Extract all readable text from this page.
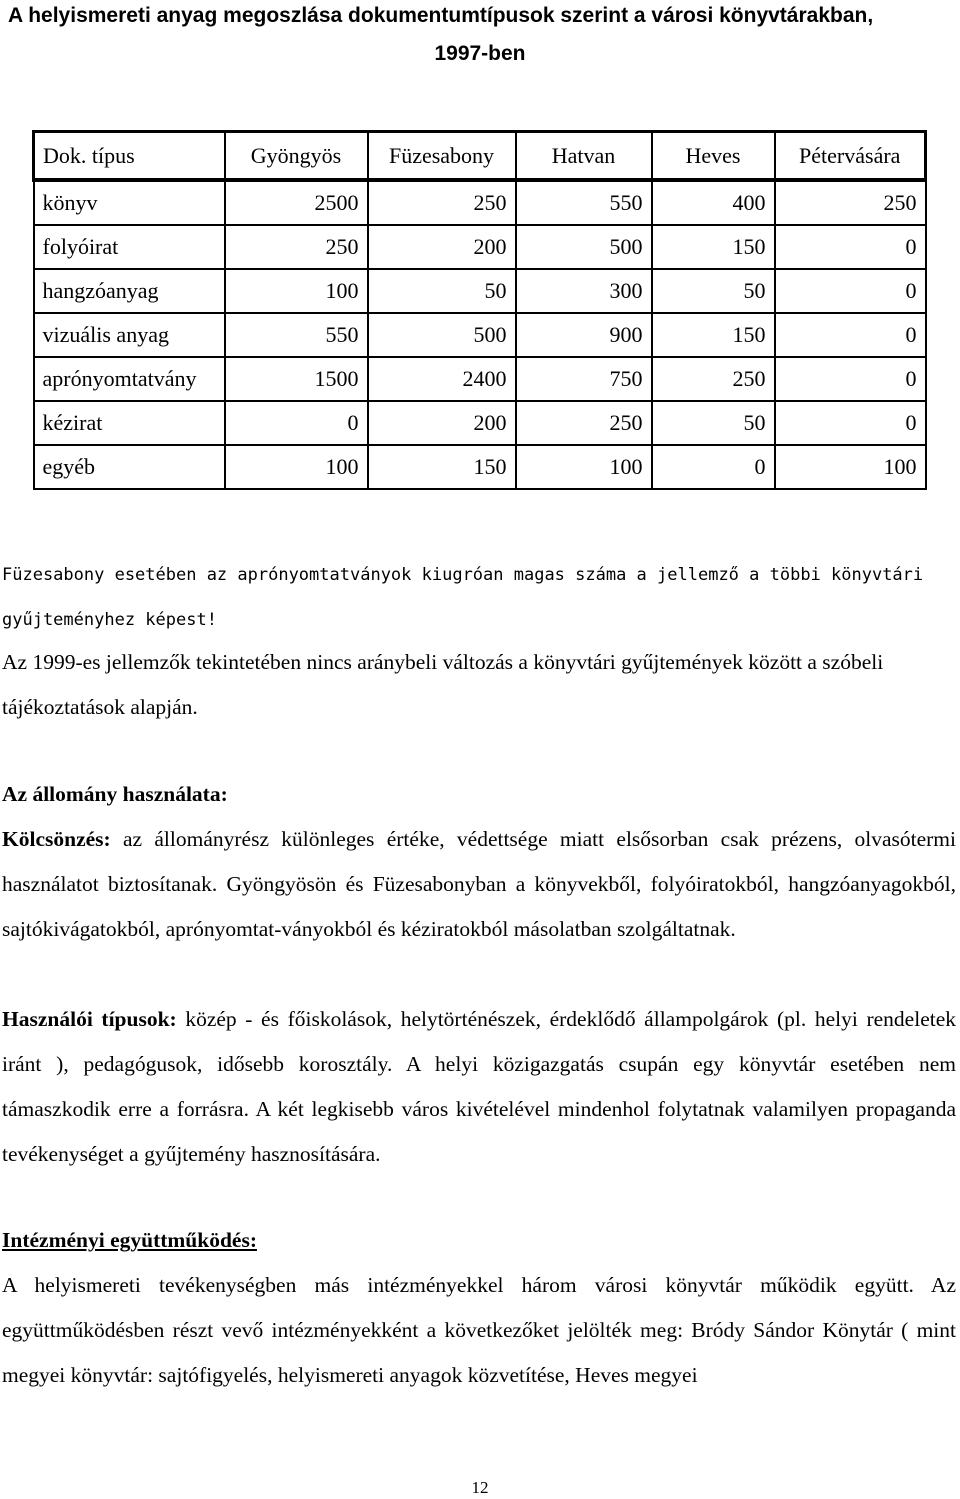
A helyismereti anyag megoszlása dokumentumtípusok szerint a városi könyvtárakban,
1997-ben
Dok. típus	Gyöngyös	Füzesabony	Hatvan	Heves	Pétervására
könyv	2500	250	550	400	250
folyóirat	250	200	500	150	0
hangzóanyag	100	50	300	50	0
vizuális anyag	550	500	900	150	0
aprónyomtatvány	1500	2400	750	250	0
kézirat	0	200	250	50	0
egyéb	100	150	100	0	100
Füzesabony esetében az aprónyomtatványok kiugróan magas száma a jellemző a többi könyvtári gyűjteményhez képest!
Az 1999-es jellemzők tekintetében nincs aránybeli változás a könyvtári gyűjtemények között a szóbeli tájékoztatások alapján.
Az állomány használata:
Kölcsönzés: az állományrész különleges értéke, védettsége miatt elsősorban csak prézens, olvasótermi használatot biztosítanak. Gyöngyösön és Füzesabonyban a könyvekből, folyóiratokból, hangzóanyagokból, sajtókivágatokból, aprónyomtat-ványokból és kéziratokból másolatban szolgáltatnak.
Használói típusok: közép - és főiskolások, helytörténészek, érdeklődő állampolgárok (pl. helyi rendeletek iránt ), pedagógusok, idősebb korosztály. A helyi közigazgatás csupán egy könyvtár esetében nem támaszkodik erre a forrásra. A két legkisebb város kivételével mindenhol folytatnak valamilyen propaganda tevékenységet a gyűjtemény hasznosítására.
Intézményi együttműködés:
A helyismereti tevékenységben más intézményekkel három városi könyvtár működik együtt. Az együttműködésben részt vevő intézményekként a következőket jelölték meg: Bródy Sándor Könytár ( mint megyei könyvtár: sajtófigyelés, helyismereti anyagok közvetítése, Heves megyei
12
